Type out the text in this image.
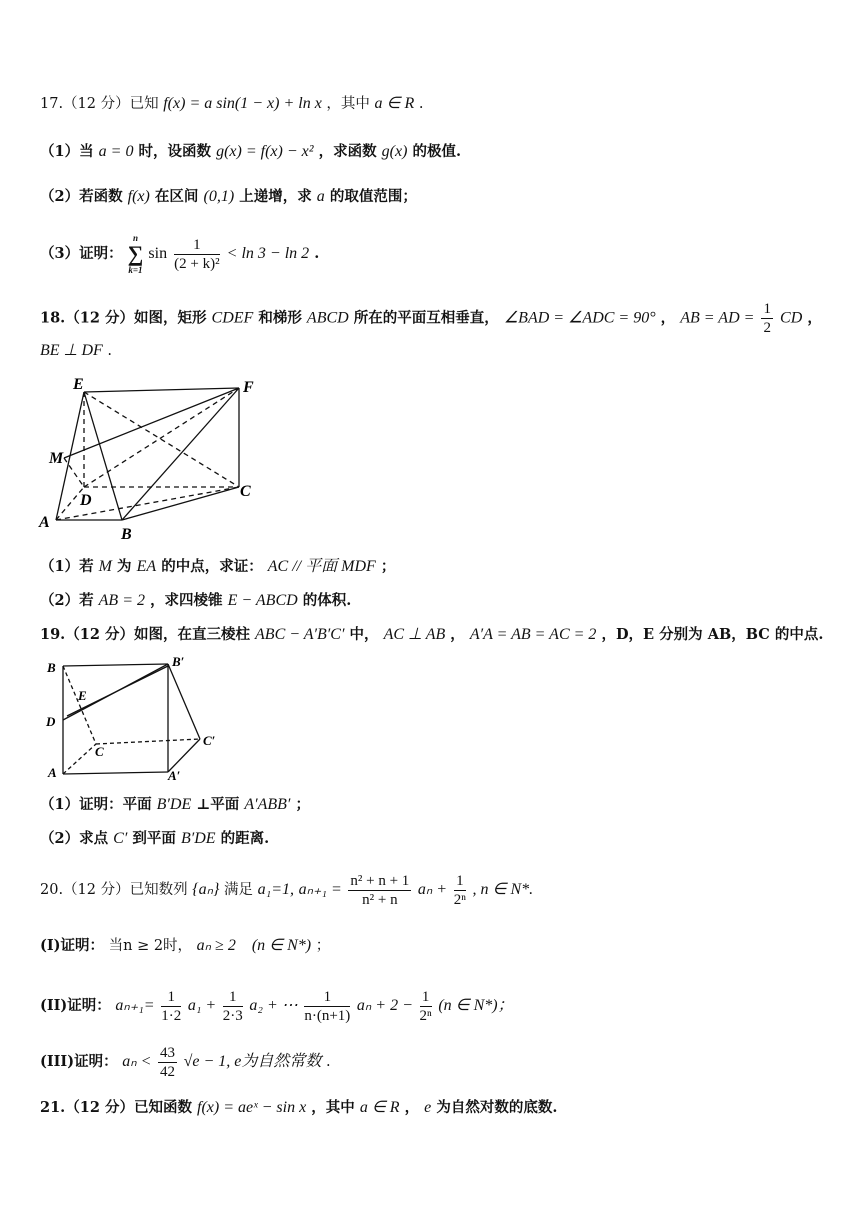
17.（12 分）已知 f(x) = a sin(1 − x) + ln x ，其中 a ∈ R .
（1）当 a = 0 时，设函数 g(x) = f(x) − x² ，求函数 g(x) 的极值.
（2）若函数 f(x) 在区间 (0,1) 上递增，求 a 的取值范围；
（3）证明：
n
∑
k=1
$\sin \frac{1}{\text{(2 + k)²}} < \ln 3 - \ln 2$ .
18.（12 分）如图，矩形 CDEF 和梯形 ABCD 所在的平面互相垂直， ∠BAD = ∠ADC = 90° ， AB = AD = $\frac{1}{2}$ CD ，
BE ⊥ DF .
E	F
M
D
C
A
B
（1）若 M 为 EA 的中点，求证： AC // 平面 MDF ；
（2）若 AB = 2 ，求四棱锥 E − ABCD 的体积.
19.（12 分）如图，在直三棱柱 ABC − A′B′C′ 中， AC ⊥ AB ， A′A = AB = AC = 2 ，D，E 分别为 AB，BC 的中点.
B	B′
E
D
C
C′
A	A′
（1）证明：平面 B′DE ⊥平面 A′ABB′ ；
（2）求点 C′ 到平面 B′DE 的距离.
20.（12 分）已知数列 {aₙ} 满足 a₁=1, $a_{n+1} = \frac{\text{n² + n + 1}}{\text{n² + n}}$ $a_n + \frac{1}{\text{2ⁿ}}$ , n ∈ N*.
(I)证明： 当n ≥ 2时， aₙ ≥ 2　(n ∈ N*) ；
(II)证明： $a_{n+1}= \frac{1}{1\cdot 2} a_1 + \frac{1}{2\cdot 3} a_2$ + ⋯ $\frac{1}{n\cdot(n+1)}$ $a_n + 2 - \frac{1}{\text{2ⁿ}} (n$ ∈ N*)；
(III)证明： $a_n < \frac{43}{42} √e - 1$, e为自然常数 .
21.（12 分）已知函数 f(x) = aeˣ − sin x ，其中 a ∈ R ， e 为自然对数的底数.
